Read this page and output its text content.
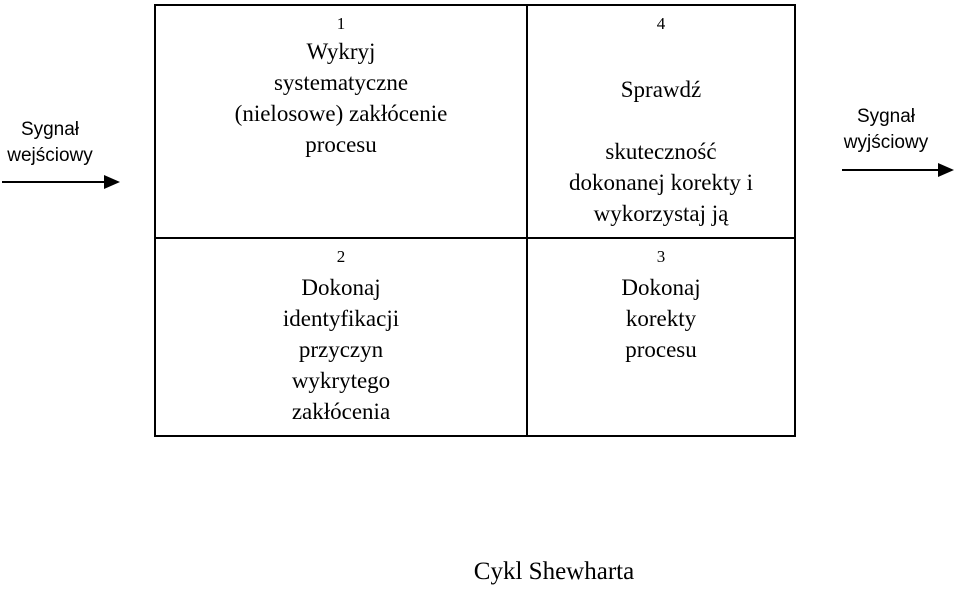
1
Wykryj
systematyczne
(nielosowe) zakłócenie
procesu
4
Sprawdź
skuteczność
dokonanej korekty i
wykorzystaj ją
2
Dokonaj
identyfikacji
przyczyn
wykrytego
zakłócenia
3
Dokonaj
korekty
procesu
Sygnał
wejściowy
Sygnał
wyjściowy
Cykl Shewharta
